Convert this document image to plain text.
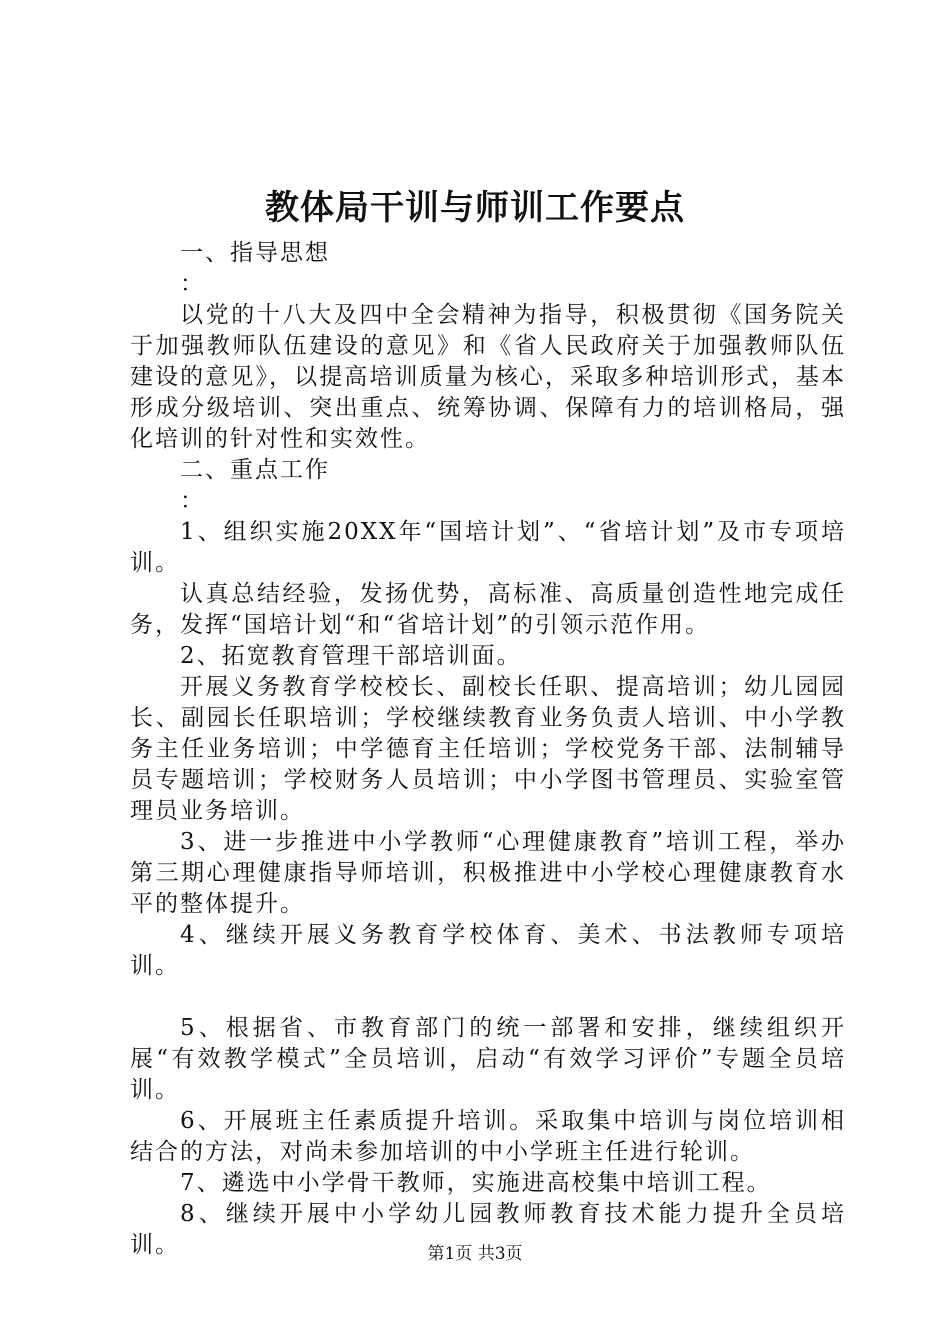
教体局干训与师训工作要点

一、指导思想

：

以党的十八大及四中全会精神为指导，积极贯彻《国务院关于加强教师队伍建设的意见》和《省人民政府关于加强教师队伍建设的意见》，以提高培训质量为核心，采取多种培训形式，基本形成分级培训、突出重点、统筹协调、保障有力的培训格局，强化培训的针对性和实效性。

二、重点工作

：

1、组织实施20XX年“国培计划”、“省培计划”及市专项培训。

认真总结经验，发扬优势，高标准、高质量创造性地完成任务，发挥“国培计划“和“省培计划”的引领示范作用。

2、拓宽教育管理干部培训面。

开展义务教育学校校长、副校长任职、提高培训；幼儿园园长、副园长任职培训；学校继续教育业务负责人培训、中小学教务主任业务培训；中学德育主任培训；学校党务干部、法制辅导员专题培训；学校财务人员培训；中小学图书管理员、实验室管理员业务培训。

3、进一步推进中小学教师“心理健康教育”培训工程，举办第三期心理健康指导师培训，积极推进中小学校心理健康教育水平的整体提升。

4、继续开展义务教育学校体育、美术、书法教师专项培训。

5、根据省、市教育部门的统一部署和安排，继续组织开展“有效教学模式”全员培训，启动“有效学习评价”专题全员培训。

6、开展班主任素质提升培训。采取集中培训与岗位培训相结合的方法，对尚未参加培训的中小学班主任进行轮训。

7、遴选中小学骨干教师，实施进高校集中培训工程。

8、继续开展中小学幼儿园教师教育技术能力提升全员培训。	第1页 共3页
